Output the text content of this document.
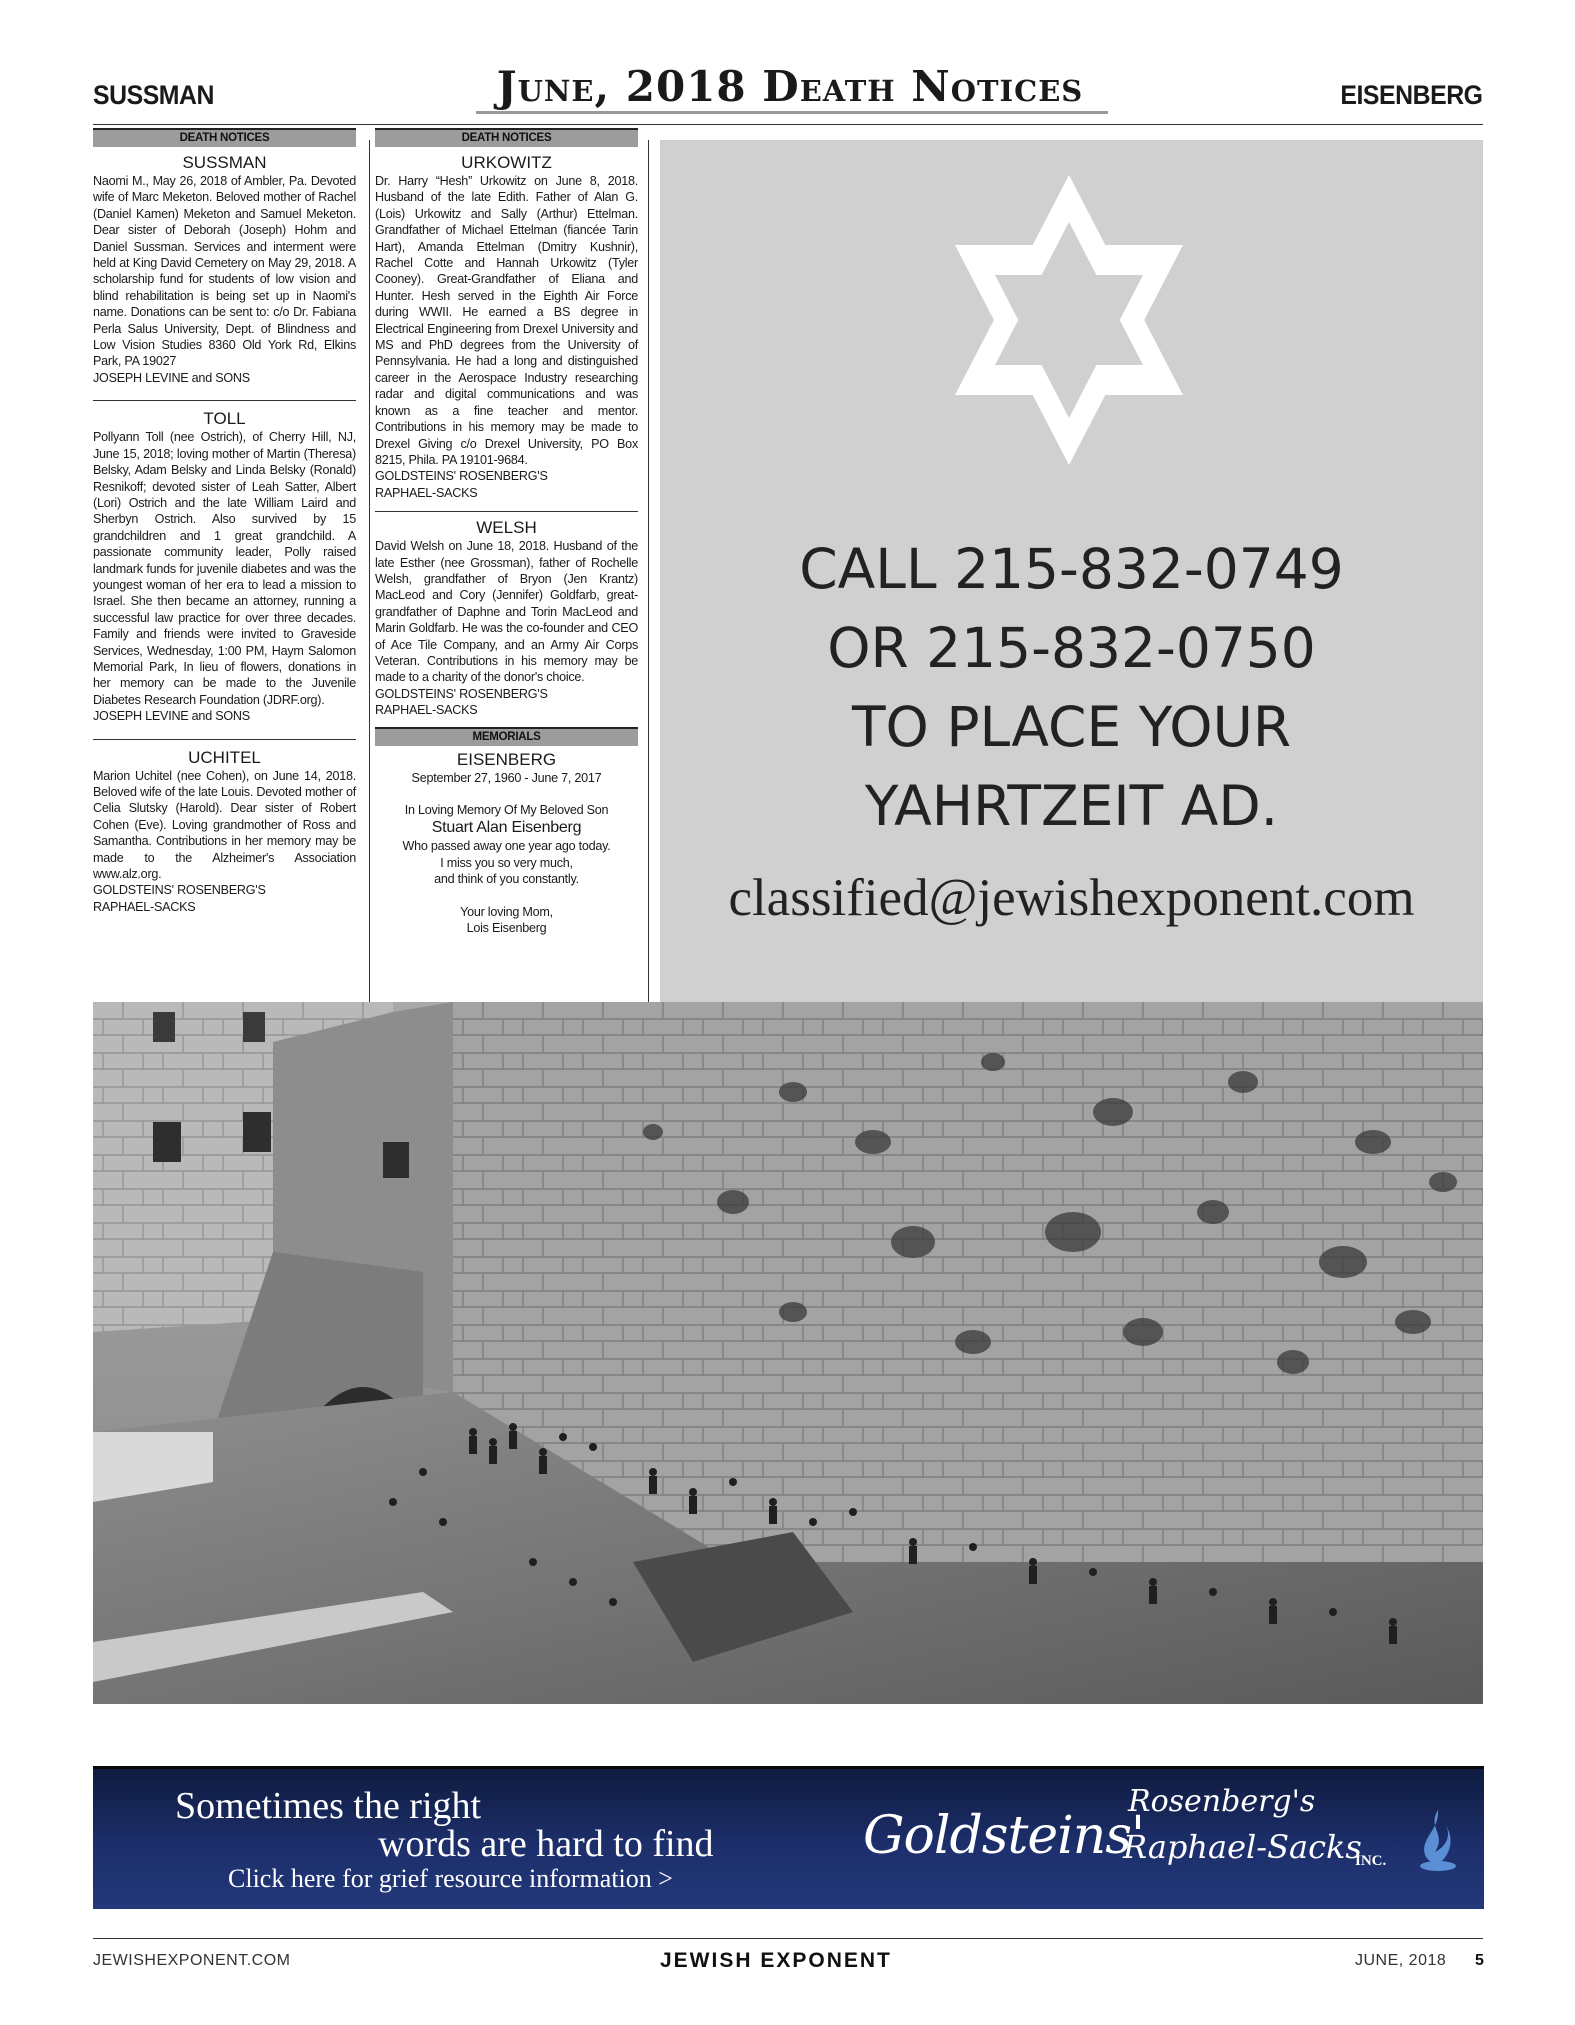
SUSSMAN	June, 2018 Death Notices	EISENBERG
DEATH NOTICES
SUSSMAN

Naomi M., May 26, 2018 of Ambler, Pa. Devoted wife of Marc Meketon. Beloved mother of Rachel (Daniel Kamen) Meketon and Samuel Meketon. Dear sister of Deborah (Joseph) Hohm and Daniel Sussman. Services and interment were held at King David Cemetery on May 29, 2018. A scholarship fund for students of low vision and blind rehabilitation is being set up in Naomi's name. Donations can be sent to: c/o Dr. Fabiana Perla Salus University, Dept. of Blindness and Low Vision Studies 8360 Old York Rd, Elkins Park, PA 19027

JOSEPH LEVINE and SONS

TOLL

Pollyann Toll (nee Ostrich), of Cherry Hill, NJ, June 15, 2018; loving mother of Martin (Theresa) Belsky, Adam Belsky and Linda Belsky (Ronald) Resnikoff; devoted sister of Leah Satter, Albert (Lori) Ostrich and the late William Laird and Sherbyn Ostrich. Also survived by 15 grandchildren and 1 great grandchild. A passionate community leader, Polly raised landmark funds for juvenile diabetes and was the youngest woman of her era to lead a mission to Israel. She then became an attorney, running a successful law practice for over three decades. Family and friends were invited to Graveside Services, Wednesday, 1:00 PM, Haym Salomon Memorial Park, In lieu of flowers, donations in her memory can be made to the Juvenile Diabetes Research Foundation (JDRF.org).

JOSEPH LEVINE and SONS

UCHITEL

Marion Uchitel (nee Cohen), on June 14, 2018. Beloved wife of the late Louis. Devoted mother of Celia Slutsky (Harold). Dear sister of Robert Cohen (Eve). Loving grandmother of Ross and Samantha. Contributions in her memory may be made to the Alzheimer's Association www.alz.org.

GOLDSTEINS' ROSENBERG'S

RAPHAEL-SACKS

DEATH NOTICES
URKOWITZ

Dr. Harry “Hesh” Urkowitz on June 8, 2018. Husband of the late Edith. Father of Alan G. (Lois) Urkowitz and Sally (Arthur) Ettelman. Grandfather of Michael Ettelman (fiancée Tarin Hart), Amanda Ettelman (Dmitry Kushnir), Rachel Cotte and Hannah Urkowitz (Tyler Cooney). Great-Grandfather of Eliana and Hunter. Hesh served in the Eighth Air Force during WWII. He earned a BS degree in Electrical Engineering from Drexel University and MS and PhD degrees from the University of Pennsylvania. He had a long and distinguished career in the Aerospace Industry researching radar and digital communications and was known as a fine teacher and mentor. Contributions in his memory may be made to Drexel Giving c/o Drexel University, PO Box 8215, Phila. PA 19101-9684.

GOLDSTEINS' ROSENBERG'S

RAPHAEL-SACKS

WELSH

David Welsh on June 18, 2018. Husband of the late Esther (nee Grossman), father of Rochelle Welsh, grandfather of Bryon (Jen Krantz) MacLeod and Cory (Jennifer) Goldfarb, great-grandfather of Daphne and Torin MacLeod and Marin Goldfarb. He was the co-founder and CEO of Ace Tile Company, and an Army Air Corps Veteran. Contributions in his memory may be made to a charity of the donor's choice.

GOLDSTEINS' ROSENBERG'S

RAPHAEL-SACKS

MEMORIALS
EISENBERG

September 27, 1960 - June 7, 2017

In Loving Memory Of My Beloved Son

Stuart Alan Eisenberg

Who passed away one year ago today.

I miss you so very much,

and think of you constantly.

Your loving Mom,

Lois Eisenberg

CALL 215-832-0749
OR 215-832-0750
TO PLACE YOUR
YAHRTZEIT AD.
classified@jewishexponent.com
Sometimes the right
words are hard to find
Click here for grief resource information >
Goldsteins'
Rosenberg's
Raphael-Sacks
INC.
JEWISHEXPONENT.COM	JEWISH EXPONENT	JUNE, 2018 5
